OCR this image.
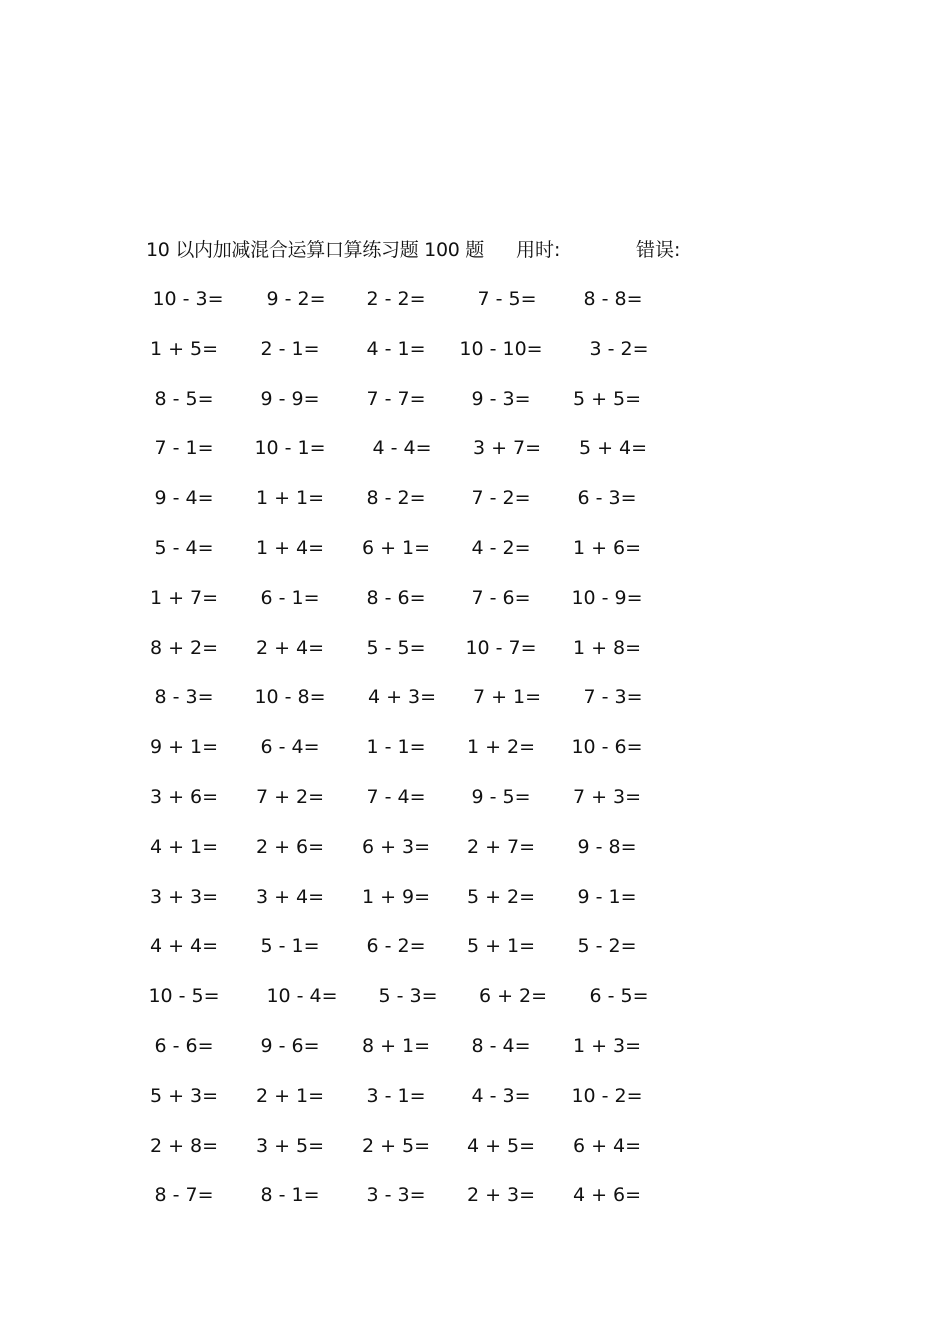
10 以内加减混合运算口算练习题 100 题 用时:	错误:
10 - 3=	9 - 2=	2 - 2=	7 - 5=	8 - 8=
1 + 5=	2 - 1=	4 - 1=	10 - 10=	3 - 2=
8 - 5=	9 - 9=	7 - 7=	9 - 3=	5 + 5=
7 - 1=	10 - 1=	4 - 4=	3 + 7=	5 + 4=
9 - 4=	1 + 1=	8 - 2=	7 - 2=	6 - 3=
5 - 4=	1 + 4=	6 + 1=	4 - 2=	1 + 6=
1 + 7=	6 - 1=	8 - 6=	7 - 6=	10 - 9=
8 + 2=	2 + 4=	5 - 5=	10 - 7=	1 + 8=
8 - 3=	10 - 8=	4 + 3=	7 + 1=	7 - 3=
9 + 1=	6 - 4=	1 - 1=	1 + 2=	10 - 6=
3 + 6=	7 + 2=	7 - 4=	9 - 5=	7 + 3=
4 + 1=	2 + 6=	6 + 3=	2 + 7=	9 - 8=
3 + 3=	3 + 4=	1 + 9=	5 + 2=	9 - 1=
4 + 4=	5 - 1=	6 - 2=	5 + 1=	5 - 2=
10 - 5=	10 - 4=	5 - 3=	6 + 2=	6 - 5=
6 - 6=	9 - 6=	8 + 1=	8 - 4=	1 + 3=
5 + 3=	2 + 1=	3 - 1=	4 - 3=	10 - 2=
2 + 8=	3 + 5=	2 + 5=	4 + 5=	6 + 4=
8 - 7=	8 - 1=	3 - 3=	2 + 3=	4 + 6=
